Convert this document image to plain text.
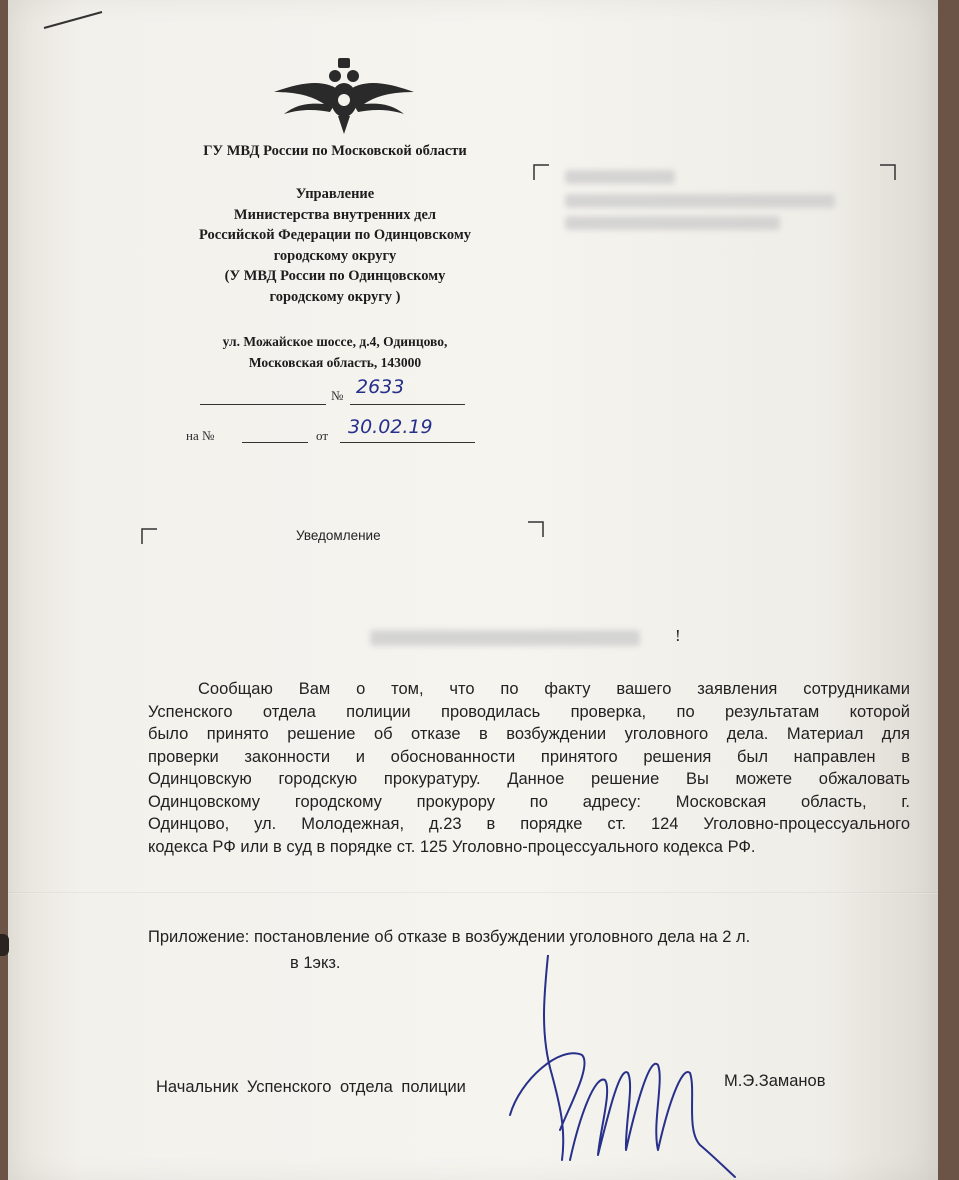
ГУ МВД России по Московской области
Управление
Министерства внутренних дел
Российской Федерации по Одинцовскому
городскому округу
(У МВД России по Одинцовскому
городскому округу )
ул. Можайское шоссе, д.4, Одинцово,
Московская область, 143000
№ 2633
на №	от 30.02.19
Уведомление
!
Сообщаю Вам о том, что по факту вашего заявления сотрудниками
Успенского отдела полиции проводилась проверка, по результатам которой
было принято решение об отказе в возбуждении уголовного дела. Материал для
проверки законности и обоснованности принятого решения был направлен в
Одинцовскую городскую прокуратуру. Данное решение Вы можете обжаловать
Одинцовскому городскому прокурору по адресу: Московская область, г.
Одинцово, ул. Молодежная, д.23 в порядке ст. 124 Уголовно-процессуального
кодекса РФ или в суд в порядке ст. 125 Уголовно-процессуального кодекса РФ.
Приложение: постановление об отказе в возбуждении уголовного дела на 2 л.
в 1экз.
Начальник Успенского отдела полиции	М.Э.Заманов
